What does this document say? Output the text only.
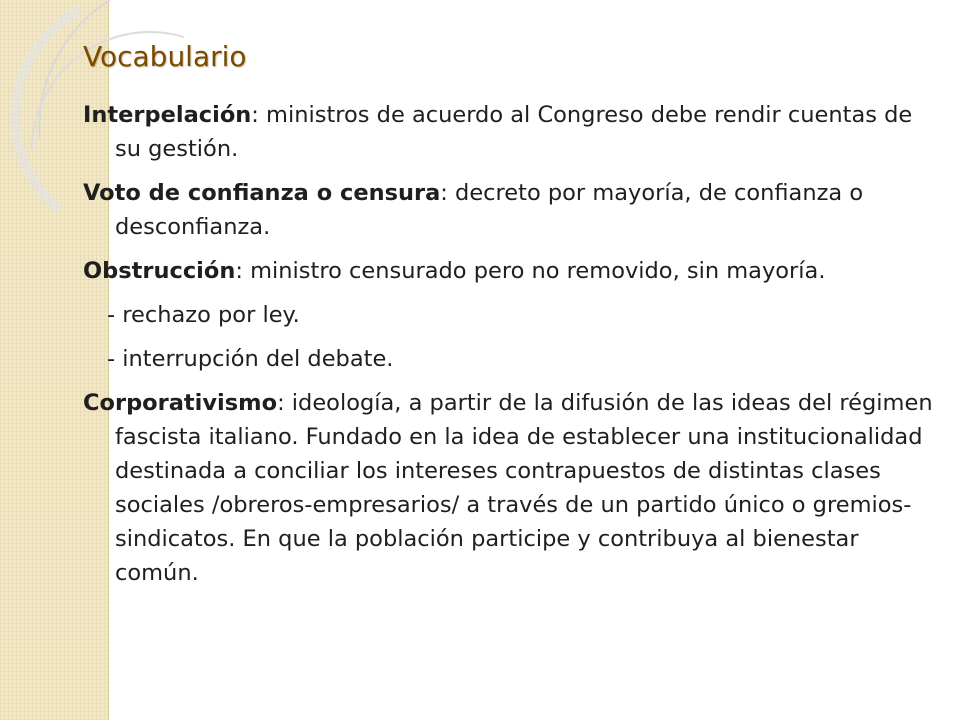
Vocabulario

Interpelación: ministros de acuerdo al Congreso debe rendir cuentas de su gestión.

Voto de confianza o censura: decreto por mayoría, de confianza o desconfianza.

Obstrucción: ministro censurado pero no removido, sin mayoría.

- rechazo por ley.

- interrupción del debate.

Corporativismo: ideología, a partir de la difusión de las ideas del régimen fascista italiano. Fundado en la idea de establecer una institucionalidad destinada a conciliar los intereses contrapuestos de distintas clases sociales /obreros-empresarios/ a través de un partido único o gremios-sindicatos. En que la población participe y contribuya al bienestar común.
